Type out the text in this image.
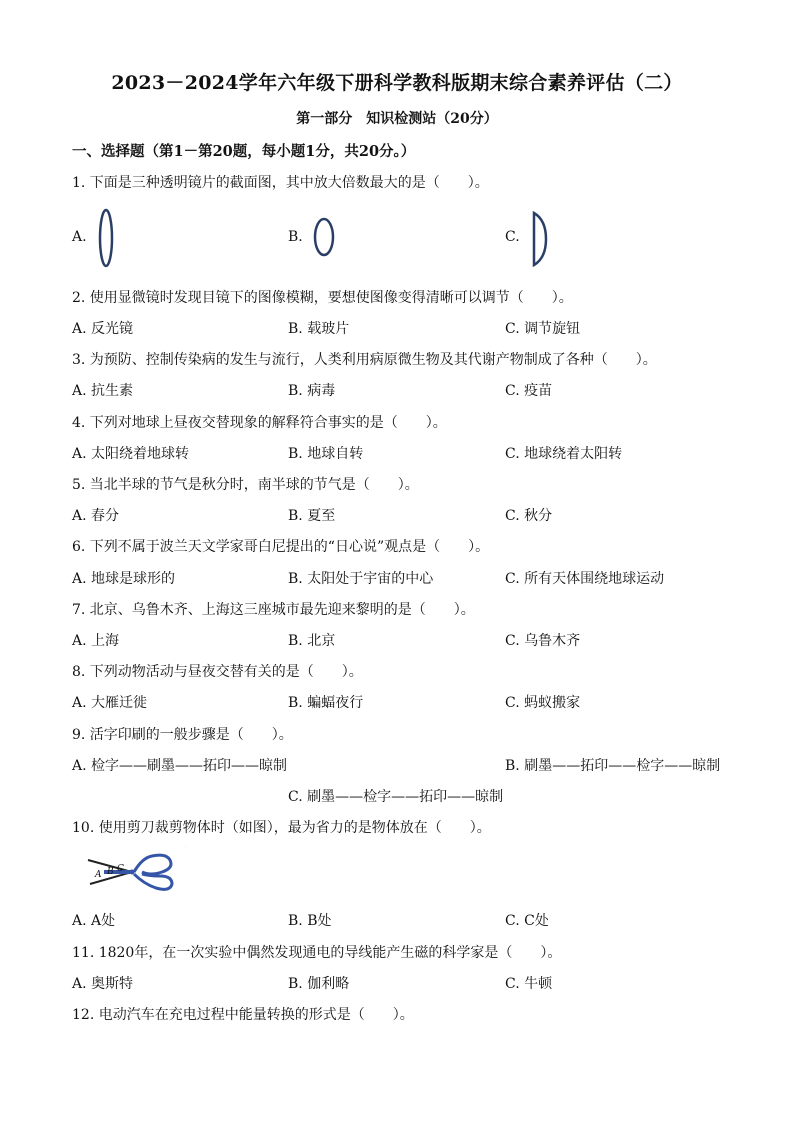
2023－2024学年六年级下册科学教科版期末综合素养评估（二）
第一部分　知识检测站（20分）
一、选择题（第1－第20题，每小题1分，共20分。）
1. 下面是三种透明镜片的截面图，其中放大倍数最大的是（　　）。
A.	B.	C.
2. 使用显微镜时发现目镜下的图像模糊，要想使图像变得清晰可以调节（　　）。
A. 反光镜	B. 载玻片	C. 调节旋钮
3. 为预防、控制传染病的发生与流行，人类利用病原微生物及其代谢产物制成了各种（　　）。
A. 抗生素	B. 病毒	C. 疫苗
4. 下列对地球上昼夜交替现象的解释符合事实的是（　　）。
A. 太阳绕着地球转	B. 地球自转	C. 地球绕着太阳转
5. 当北半球的节气是秋分时，南半球的节气是（　　）。
A. 春分	B. 夏至	C. 秋分
6. 下列不属于波兰天文学家哥白尼提出的“日心说”观点是（　　）。
A. 地球是球形的	B. 太阳处于宇宙的中心	C. 所有天体围绕地球运动
7. 北京、乌鲁木齐、上海这三座城市最先迎来黎明的是（　　）。
A. 上海	B. 北京	C. 乌鲁木齐
8. 下列动物活动与昼夜交替有关的是（　　）。
A. 大雁迁徙	B. 蝙蝠夜行	C. 蚂蚁搬家
9. 活字印刷的一般步骤是（　　）。
A. 检字——刷墨——拓印——晾制	B. 刷墨——拓印——检字——晾制
C. 刷墨——检字——拓印——晾制
10. 使用剪刀裁剪物体时（如图），最为省力的是物体放在（　　）。
A B C
A. A处	B. B处	C. C处
11. 1820年，在一次实验中偶然发现通电的导线能产生磁的科学家是（　　）。
A. 奥斯特	B. 伽利略	C. 牛顿
12. 电动汽车在充电过程中能量转换的形式是（　　）。
